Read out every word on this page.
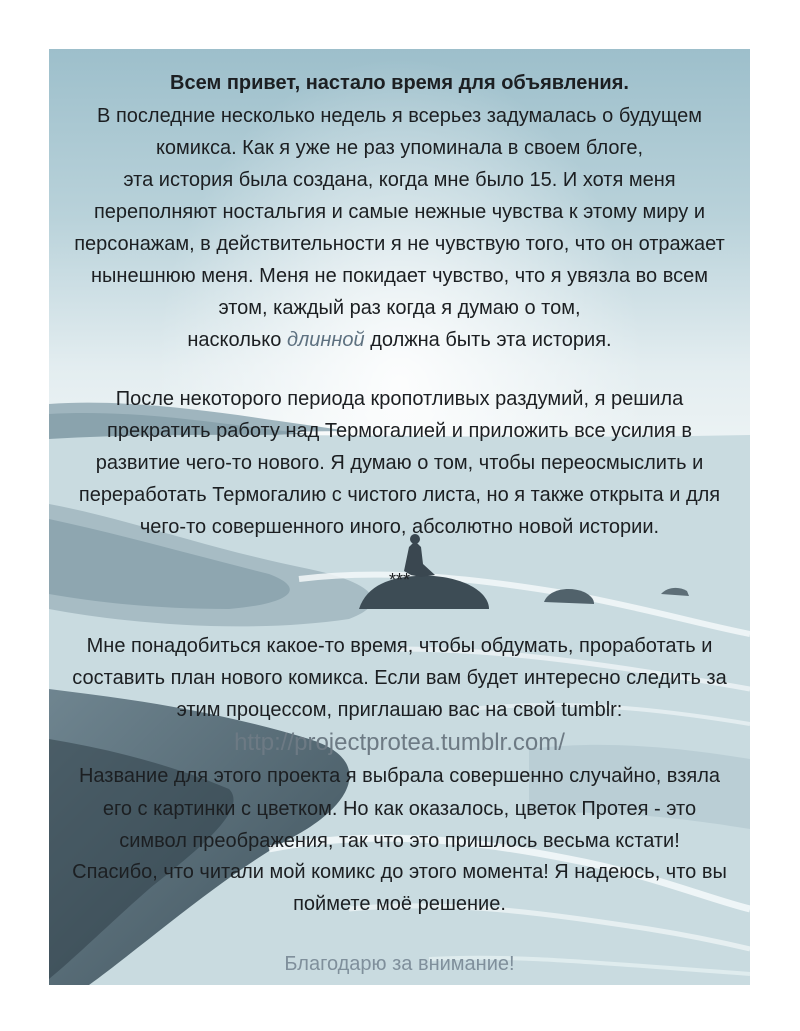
Всем привет, настало время для объявления.
В последние несколько недель я всерьез задумалась о будущем
комикса. Как я уже не раз упоминала в своем блоге,
эта история была создана, когда мне было 15. И хотя меня
переполняют ностальгия и самые нежные чувства к этому миру и
персонажам, в действительности я не чувствую того, что он отражает
нынешнюю меня. Меня не покидает чувство, что я увязла во всем
этом, каждый раз когда я думаю о том,
насколько длинной должна быть эта история.
После некоторого периода кропотливых раздумий, я решила
прекратить работу над Термогалией и приложить все усилия в
развитие чего-то нового. Я думаю о том, чтобы переосмыслить и
переработать Термогалию с чистого листа, но я также открыта и для
чего-то совершенного иного, абсолютно новой истории.
***
Мне понадобиться какое-то время, чтобы обдумать, проработать и
составить план нового комикса. Если вам будет интересно следить за
этим процессом, приглашаю вас на свой tumblr:
http://projectprotea.tumblr.com/
Название для этого проекта я выбрала совершенно случайно, взяла
его с картинки с цветком. Но как оказалось, цветок Протея - это
символ преображения, так что это пришлось весьма кстати!
Спасибо, что читали мой комикс до этого момента! Я надеюсь, что вы
поймете моё решение.
Благодарю за внимание!
